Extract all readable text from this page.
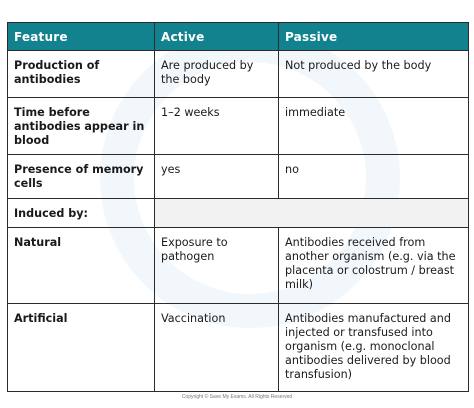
Feature	Active	Passive
Production of antibodies	Are produced by the body	Not produced by the body
Time before antibodies appear in blood	1–2 weeks	immediate
Presence of memory cells	yes	no
Induced by:		
Natural	Exposure to pathogen	Antibodies received from another organism (e.g. via the placenta or colostrum / breast milk)
Artificial	Vaccination	Antibodies manufactured and injected or transfused into organism (e.g. monoclonal antibodies delivered by blood transfusion)
Copyright © Save My Exams. All Rights Reserved
